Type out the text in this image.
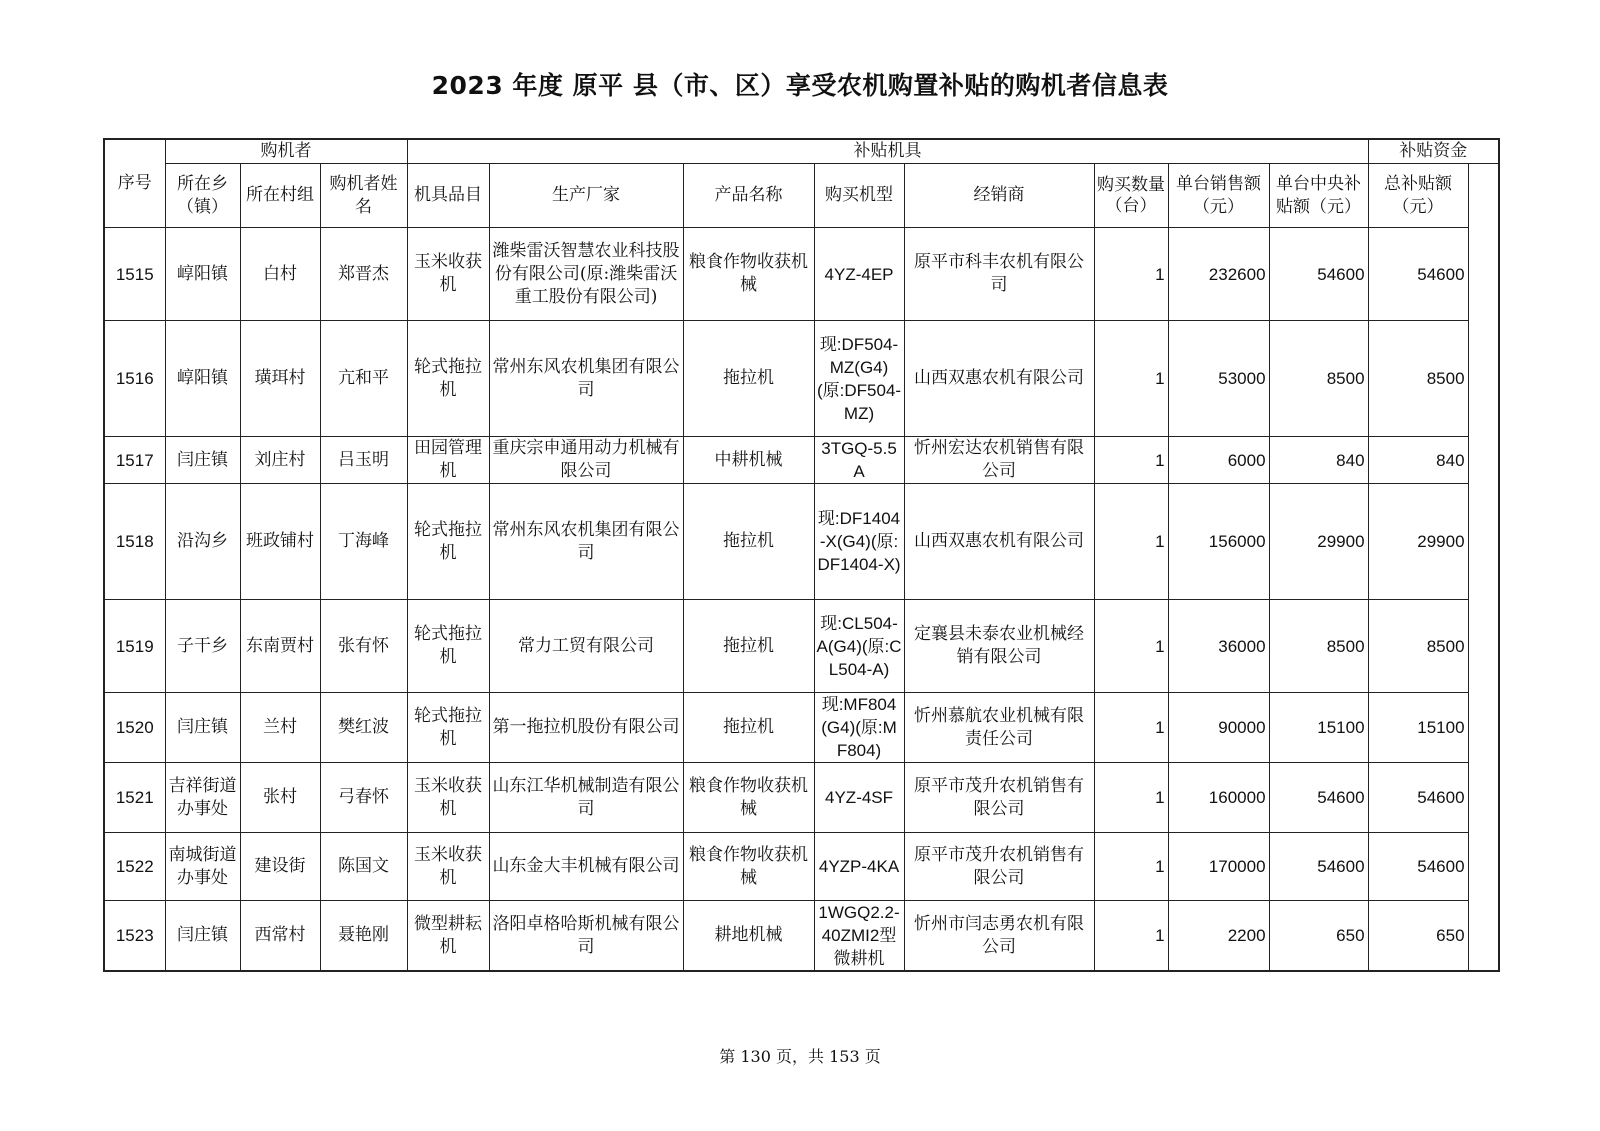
2023 年度 原平 县（市、区）享受农机购置补贴的购机者信息表
序号	购机者			补贴机具								补贴资金
	所在乡（镇）	所在村组	购机者姓名	机具品目	生产厂家	产品名称	购买机型	经销商	购买数量（台）	单台销售额（元）	单台中央补贴额（元）	总补贴额（元）
1515	崞阳镇	白村	郑晋杰	玉米收获机	潍柴雷沃智慧农业科技股份有限公司(原:潍柴雷沃重工股份有限公司)	粮食作物收获机械	4YZ-4EP	原平市科丰农机有限公司	1	232600	54600	54600
1516	崞阳镇	璜珥村	亢和平	轮式拖拉机	常州东风农机集团有限公司	拖拉机	现:DF504-MZ(G4)(原:DF504-MZ)	山西双惠农机有限公司	1	53000	8500	8500
1517	闫庄镇	刘庄村	吕玉明	田园管理机	重庆宗申通用动力机械有限公司	中耕机械	3TGQ-5.5A	忻州宏达农机销售有限公司	1	6000	840	840
1518	沿沟乡	班政铺村	丁海峰	轮式拖拉机	常州东风农机集团有限公司	拖拉机	现:DF1404-X(G4)(原:DF1404-X)	山西双惠农机有限公司	1	156000	29900	29900
1519	子干乡	东南贾村	张有怀	轮式拖拉机	常力工贸有限公司	拖拉机	现:CL504-A(G4)(原:CL504-A)	定襄县未泰农业机械经销有限公司	1	36000	8500	8500
1520	闫庄镇	兰村	樊红波	轮式拖拉机	第一拖拉机股份有限公司	拖拉机	现:MF804(G4)(原:MF804)	忻州慕航农业机械有限责任公司	1	90000	15100	15100
1521	吉祥街道办事处	张村	弓春怀	玉米收获机	山东江华机械制造有限公司	粮食作物收获机械	4YZ-4SF	原平市茂升农机销售有限公司	1	160000	54600	54600
1522	南城街道办事处	建设街	陈国文	玉米收获机	山东金大丰机械有限公司	粮食作物收获机械	4YZP-4KA	原平市茂升农机销售有限公司	1	170000	54600	54600
1523	闫庄镇	西常村	聂艳刚	微型耕耘机	洛阳卓格哈斯机械有限公司	耕地机械	1WGQ2.2-40ZMI2型微耕机	忻州市闫志勇农机有限公司	1	2200	650	650
第 130 页，共 153 页
